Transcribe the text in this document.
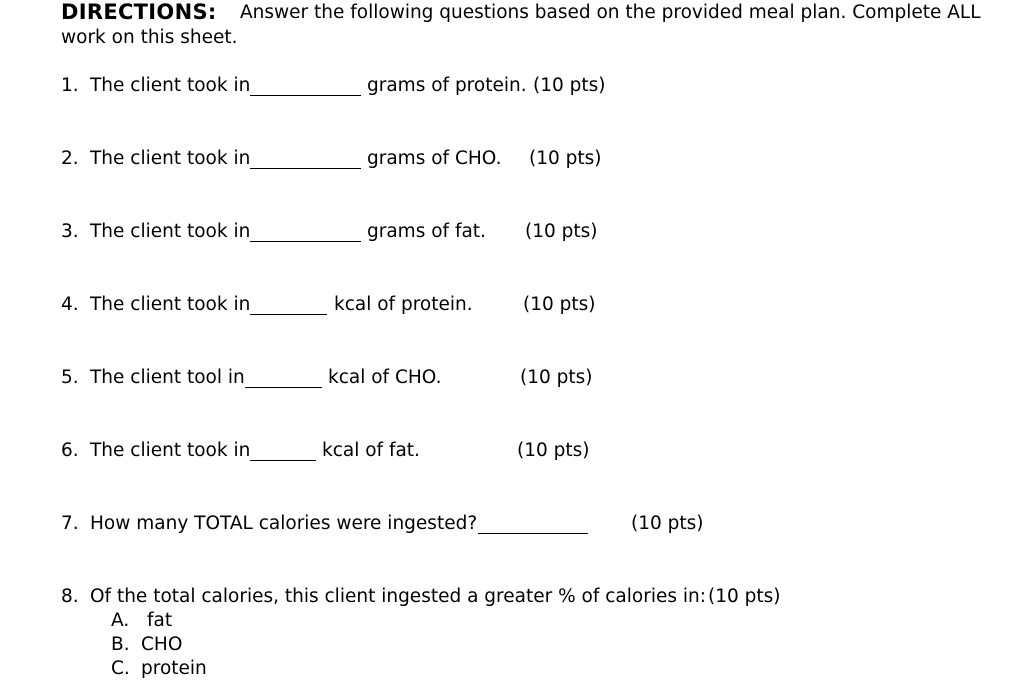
DIRECTIONS: Answer the following questions based on the provided meal plan. Complete ALL
work on this sheet.
1. The client took in	grams of protein. (10 pts)
2. The client took in	grams of CHO. (10 pts)
3. The client took in	grams of fat. (10 pts)
4. The client took in	kcal of protein.	(10 pts)
5. The client tool in	kcal of CHO.	(10 pts)
6. The client took in	kcal of fat.	(10 pts)
7. How many TOTAL calories were ingested?	(10 pts)
8. Of the total calories, this client ingested a greater % of calories in: (10 pts)
A. fat
B. CHO
C. protein
